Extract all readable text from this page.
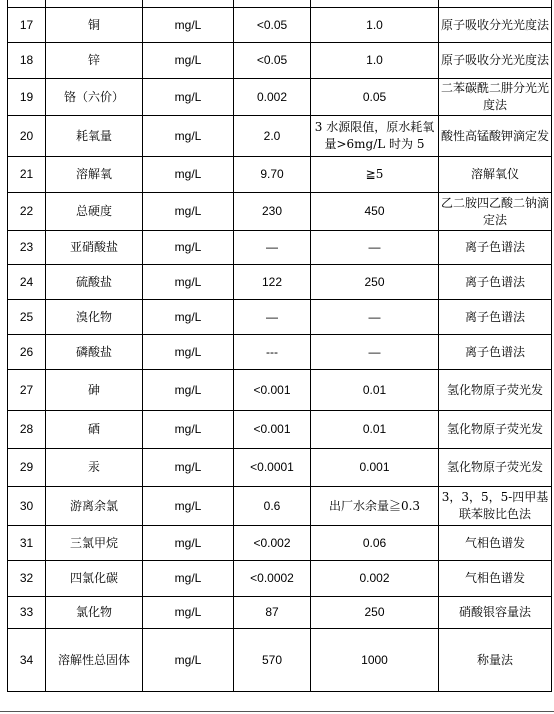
17	铜	mg/L	<0.05	1.0	原子吸收分光光度法
18	锌	mg/L	<0.05	1.0	原子吸收分光光度法
19	铬（六价）	mg/L	0.002	0.05	二苯碳酰二肼分光光度法
20	耗氧量	mg/L	2.0	3 水源限值，原水耗氧量>6mg/L 时为 5	酸性高锰酸钾滴定发
21	溶解氧	mg/L	9.70	≧5	溶解氧仪
22	总硬度	mg/L	230	450	乙二胺四乙酸二钠滴定法
23	亚硝酸盐	mg/L	—	—	离子色谱法
24	硫酸盐	mg/L	122	250	离子色谱法
25	溴化物	mg/L	—	—	离子色谱法
26	磷酸盐	mg/L	---	—	离子色谱法
27	砷	mg/L	<0.001	0.01	氢化物原子荧光发
28	硒	mg/L	<0.001	0.01	氢化物原子荧光发
29	汞	mg/L	<0.0001	0.001	氢化物原子荧光发
30	游离余氯	mg/L	0.6	出厂水余量≧0.3	3，3，5，5-四甲基联苯胺比色法
31	三氯甲烷	mg/L	<0.002	0.06	气相色谱发
32	四氯化碳	mg/L	<0.0002	0.002	气相色谱发
33	氯化物	mg/L	87	250	硝酸银容量法
34	溶解性总固体	mg/L	570	1000	称量法
